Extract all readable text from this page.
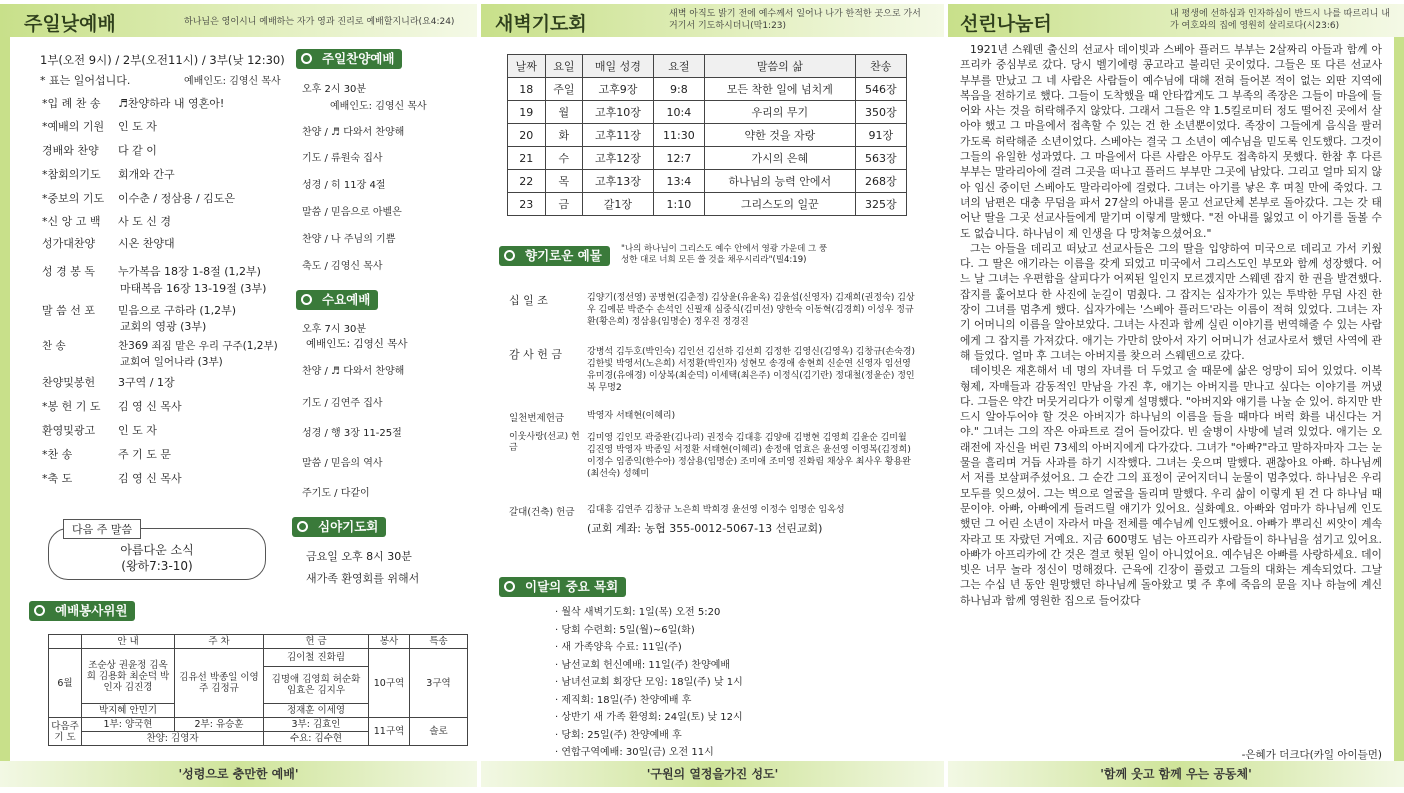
주일낮예배	하나님은 영이시니 예배하는 자가 영과 진리로 예배할지니라(요4:24)
1부(오전 9시) / 2부(오전11시) / 3부(낮 12:30)
* 표는 일어섭니다.	예배인도: 김영신 목사
*입 례 찬 송 ♬찬양하라 내 영혼아!
*예배의 기원 인 도 자
경배와 찬양 다 같 이
*참회의기도 회개와 간구
*중보의 기도 이수춘 / 정삼용 / 김도은
*신 앙 고 백 사 도 신 경
성가대찬양 시온 찬양대
성 경 봉 독 누가복음 18장 1-8절 (1,2부)
마태복음 16장 13-19절 (3부)
말 씀 선 포 믿음으로 구하라 (1,2부)
교회의 영광 (3부)
찬 송	찬369 죄짐 맡은 우리 구주(1,2부)
교회여 일어나라 (3부)
찬양및봉헌 3구역 / 1장
*봉 헌 기 도 김 영 신 목사
환영및광고 인 도 자
*찬 송	주 기 도 문
*축 도	김 영 신 목사
다음 주 말씀
아름다운 소식
(왕하7:3-10)
주일찬양예배
오후 2시 30분
예배인도: 김영신 목사
찬양 / ♬ 다와서 찬양해
기도 / 류원숙 집사
성경 / 히 11장 4절
말씀 / 믿음으로 아벨은
찬양 / 나 주님의 기쁨
축도 / 김영신 목사
수요예배
오후 7시 30분
예배인도: 김영신 목사
찬양 / ♬ 다와서 찬양해
기도 / 김연주 집사
성경 / 행 3장 11-25절
말씀 / 믿음의 역사
주기도 / 다같이
심야기도회
금요일 오후 8시 30분
새가족 환영회를 위해서
예배봉사위원
	안 내	주 차	헌 금	봉사	특송
6월	조순상 권윤정 김옥희 김용화 최순덕 박인자 김진경	김유선 박종일 이영주 김정규	김이철 진화림	10구역	3구역
			김명애 김영희 허순화 임효은 김지우		
	박지혜 안민기		정재훈 이세영		
다음주 기 도	1부: 양국현	2부: 유승훈	3부: 김효인	11구역	솔로
	찬양: 김영자		수요: 김수현		
'성령으로 충만한 예배'
새벽기도회	새벽 아직도 밝기 전에 예수께서 일어나 나가 한적한 곳으로 가서 거기서 기도하시더니(막1:23)
날짜	요일	매일 성경	요절	말씀의 삶	찬송
18	주일	고후9장	9:8	모든 착한 일에 넘치게	546장
19	월	고후10장	10:4	우리의 무기	350장
20	화	고후11장	11:30	약한 것을 자랑	91장
21	수	고후12장	12:7	가시의 은혜	563장
22	목	고후13장	13:4	하나님의 능력 안에서	268장
23	금	갈1장	1:10	그리스도의 일꾼	325장
향기로운 예물	"나의 하나님이 그리스도 예수 안에서 영광 가운데 그 풍성한 대로 너희 모든 쓸 것을 채우시리라"(빌4:19)
십 일 조	김양기(정선영) 공병현(김춘정) 김상윤(유윤옥) 김윤섭(신영자) 김재희(권정숙) 김상우 김예분 박준수 손석인 신필재 심중식(김미선) 양한숙 이동혁(김경희) 이성우 정규환(황은희) 정삼용(임명순) 정우진 정경진
감 사 헌 금	강병석 김두호(박인숙) 김인선 김선하 김선희 김정한 김영신(김영옥) 김창규(손숙경) 김한빛 박영서(노은희) 서정환(박인자) 성현모 송경애 송현희 신순연 신영자 임선영 유미경(유애경) 이상복(최순덕) 이세택(최은주) 이정식(김기란) 정대철(정윤순) 정인복 무명2
일천번제헌금	박영자 서태현(이혜리)
이웃사랑(선교) 헌금
김미영 김인모 곽중완(김나리) 권정숙 김대흥 김양애 김병현 김영희 김윤순 김미월 김진영 박영자 박종일 서정환 서태현(이혜리) 송정애 엄효은 윤선영 이영복(김정희) 이정수 임종익(한수아) 정삼용(임명순) 조미애 조미영 진화림 채상우 최사우 황용완(최선숙) 성혜미
갈대(건축) 헌금	김대흥 김연주 김창규 노은희 박희경 윤선영 이정수 임명순 임옥성
(교회 계좌: 농협 355-0012-5067-13 선린교회)
이달의 중요 목회
· 월삭 새벽기도회: 1일(목) 오전 5:20
· 당회 수련회: 5일(월)~6일(화)
· 새 가족양육 수료: 11일(주)
· 남선교회 헌신예배: 11일(주) 찬양예배
· 남녀선교회 회장단 모임: 18일(주) 낮 1시
· 제직회: 18일(주) 찬양예배 후
· 상반기 새 가족 환영회: 24일(토) 낮 12시
· 당회: 25일(주) 찬양예배 후
· 연합구역예배: 30일(금) 오전 11시
'구원의 열정을가진 성도'
선린나눔터	내 평생에 선하심과 인자하심이 반드시 나를 따르리니 내가 여호와의 집에 영원히 살리로다(시23:6)

1921년 스웨덴 출신의 선교사 데이빗과 스베아 플러드 부부는 2살짜리 아들과 함께 아프리카 중심부로 갔다. 당시 벨기에령 콩고라고 불리던 곳이었다. 그들은 또 다른 선교사 부부를 만났고 그 네 사람은 사람들이 예수님에 대해 전혀 들어본 적이 없는 외딴 지역에 복음을 전하기로 했다. 그들이 도착했을 때 안타깝게도 그 부족의 족장은 그들이 마을에 들어와 사는 것을 허락해주지 않았다. 그래서 그들은 약 1.5킬로미터 정도 떨어진 곳에서 살아야 했고 그 마을에서 접촉할 수 있는 건 한 소년뿐이었다. 족장이 그들에게 음식을 팔러 가도록 허락해준 소년이었다. 스베아는 결국 그 소년이 예수님을 믿도록 인도했다. 그것이 그들의 유일한 성과였다. 그 마을에서 다른 사람은 아무도 접촉하지 못했다. 한참 후 다른 부부는 말라리아에 걸려 그곳을 떠나고 플러드 부부만 그곳에 남았다. 그리고 얼마 되지 않아 임신 중이던 스베아도 말라리아에 걸렸다. 그녀는 아기를 낳은 후 며칠 만에 죽었다. 그녀의 남편은 대충 무덤을 파서 27살의 아내를 묻고 선교단체 본부로 돌아갔다. 그는 갓 태어난 딸을 그곳 선교사들에게 맡기며 이렇게 말했다. "전 아내를 잃었고 이 아기를 돌볼 수도 없습니다. 하나님이 제 인생을 다 망쳐놓으셨어요."

그는 아들을 데리고 떠났고 선교사들은 그의 딸을 입양하여 미국으로 데리고 가서 키웠다. 그 딸은 애기라는 이름을 갖게 되었고 미국에서 그리스도인 부모와 함께 성장했다. 어느 날 그녀는 우편함을 살피다가 어찌된 일인지 모르겠지만 스웨덴 잡지 한 권을 발견했다. 잡지를 훑어보다 한 사진에 눈길이 멈췄다. 그 잡지는 십자가가 있는 투박한 무덤 사진 한 장이 그녀를 멈추게 했다. 십자가에는 '스베아 플러드'라는 이름이 적혀 있었다. 그녀는 자기 어머니의 이름을 알아보았다. 그녀는 사진과 함께 실린 이야기를 번역해줄 수 있는 사람에게 그 잡지를 가져갔다. 애기는 가만히 앉아서 자기 어머니가 선교사로서 했던 사역에 관해 들었다. 얼마 후 그녀는 아버지를 찾으러 스웨덴으로 갔다.

데이빗은 재혼해서 네 명의 자녀를 더 두었고 술 때문에 삶은 엉망이 되어 있었다. 이복형제, 자매들과 감동적인 만남을 가진 후, 애기는 아버지를 만나고 싶다는 이야기를 꺼냈다. 그들은 약간 머뭇거리다가 이렇게 설명했다. "아버지와 얘기를 나눌 순 있어. 하지만 반드시 알아두어야 할 것은 아버지가 하나님의 이름을 들을 때마다 버럭 화를 내신다는 거야." 그녀는 그의 작은 아파트로 걸어 들어갔다. 빈 술병이 사방에 널려 있었다. 애기는 오래전에 자신을 버린 73세의 아버지에게 다가갔다. 그녀가 "아빠?"라고 말하자마자 그는 눈물을 흘리며 거듭 사과를 하기 시작했다. 그녀는 웃으며 말했다. 괜찮아요 아빠. 하나님께서 저를 보살펴주셨어요. 그 순간 그의 표정이 굳어지더니 눈물이 멈추었다. 하나님은 우리 모두를 잊으셨어. 그는 벽으로 얼굴을 돌리며 말했다. 우리 삶이 이렇게 된 건 다 하나님 때문이야. 아빠, 아빠에게 들려드릴 얘기가 있어요. 실화예요. 아빠와 엄마가 하나님께 인도했던 그 어린 소년이 자라서 마을 전체를 예수님께 인도했어요. 아빠가 뿌리신 씨앗이 계속 자라고 또 자랐던 거예요. 지금 600명도 넘는 아프리카 사람들이 하나님을 섬기고 있어요. 아빠가 아프리카에 간 것은 결코 헛된 일이 아니었어요. 예수님은 아빠를 사랑하세요. 데이빗은 너무 놀라 정신이 멍해졌다. 근육에 긴장이 풀렸고 그들의 대화는 계속되었다. 그날 그는 수십 년 동안 원망했던 하나님께 돌아왔고 몇 주 후에 죽음의 문을 지나 하늘에 계신 하나님과 함께 영원한 집으로 들어갔다

-은혜가 더크다(카일 아이들먼)
'함께 웃고 함께 우는 공동체'
